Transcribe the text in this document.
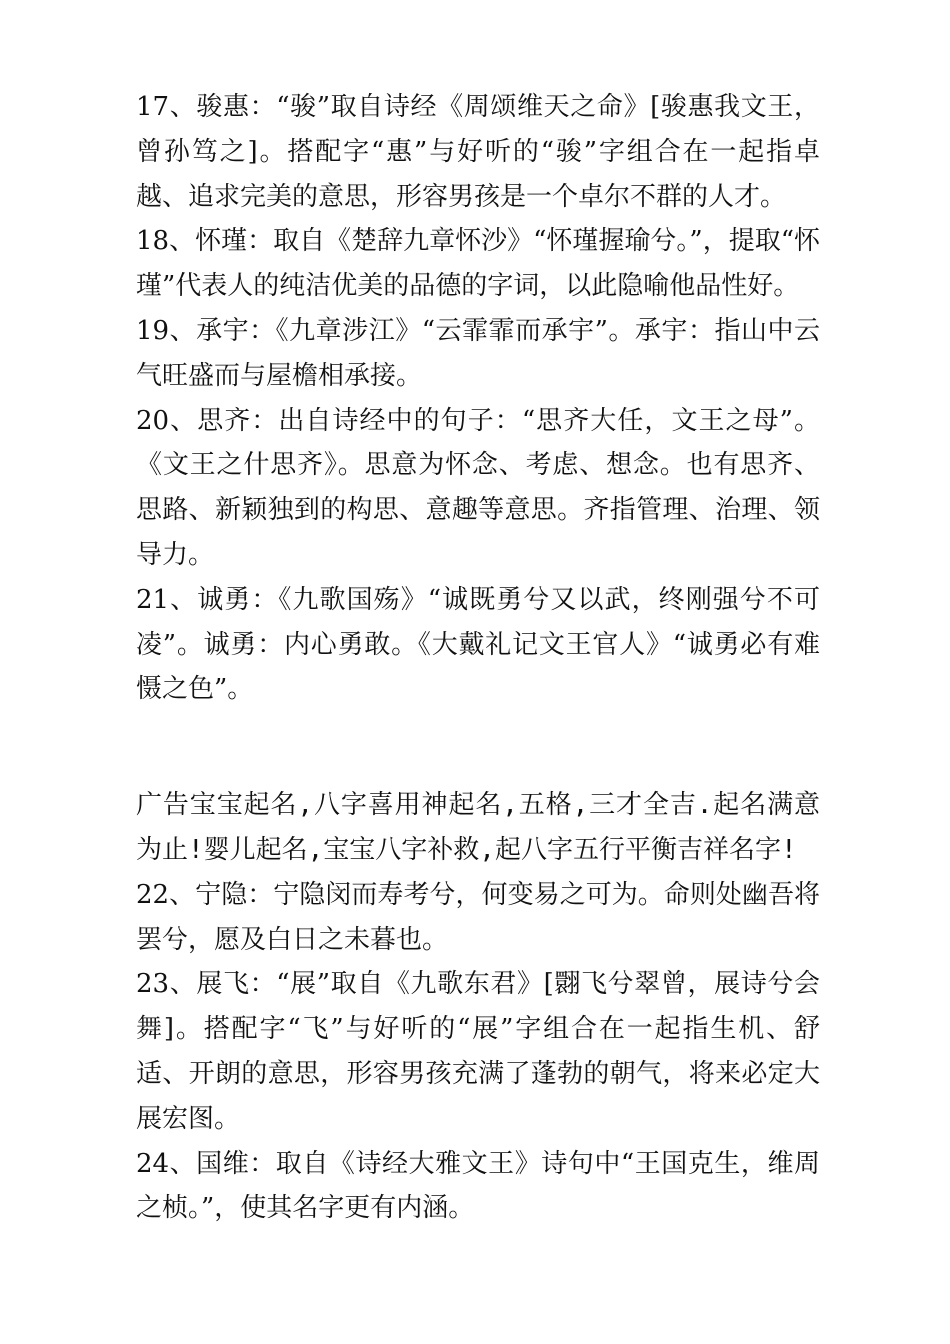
17、骏惠：“骏”取自诗经《周颂维天之命》[骏惠我文王，曾孙笃之]。搭配字“惠”与好听的“骏”字组合在一起指卓越、追求完美的意思，形容男孩是一个卓尔不群的人才。

18、怀瑾：取自《楚辞九章怀沙》“怀瑾握瑜兮。”，提取“怀瑾”代表人的纯洁优美的品德的字词，以此隐喻他品性好。

19、承宇：《九章涉江》“云霏霏而承宇”。承宇：指山中云气旺盛而与屋檐相承接。

20、思齐：出自诗经中的句子：“思齐大任，文王之母”。《文王之什思齐》。思意为怀念、考虑、想念。也有思齐、思路、新颖独到的构思、意趣等意思。齐指管理、治理、领导力。

21、诚勇：《九歌国殇》“诚既勇兮又以武，终刚强兮不可凌”。诚勇：内心勇敢。《大戴礼记文王官人》“诚勇必有难慑之色”。

广告宝宝起名,八字喜用神起名,五格,三才全吉.起名满意为止!婴儿起名,宝宝八字补救,起八字五行平衡吉祥名字!

22、宁隐：宁隐闵而寿考兮，何变易之可为。命则处幽吾将罢兮，愿及白日之未暮也。

23、展飞：“展”取自《九歌东君》[翾飞兮翠曾，展诗兮会舞]。搭配字“飞”与好听的“展”字组合在一起指生机、舒适、开朗的意思，形容男孩充满了蓬勃的朝气，将来必定大展宏图。

24、国维：取自《诗经大雅文王》诗句中“王国克生，维周之桢。”，使其名字更有内涵。
